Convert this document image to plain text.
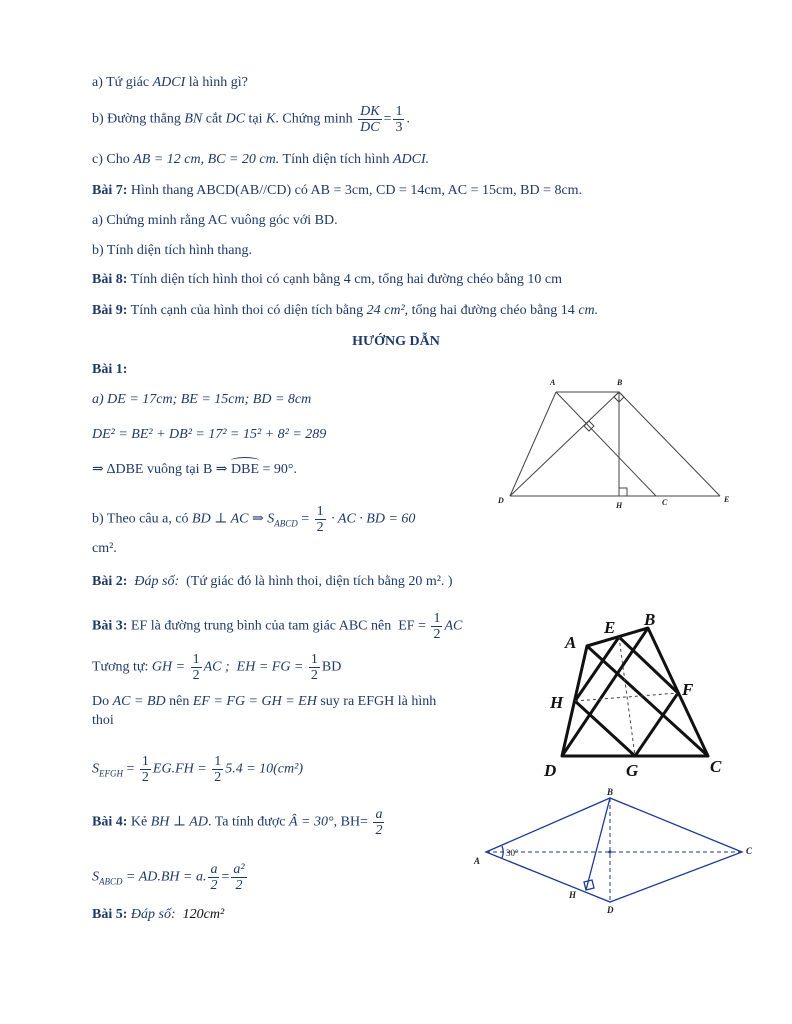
a) Tứ giác ADCI là hình gì?
b) Đường thẳng BN cắt DC tại K. Chứng minh $\frac{DK}{DC} = \frac{1}{3}$ .
c) Cho AB = 12 cm, BC = 20 cm. Tính diện tích hình ADCI.
Bài 7: Hình thang ABCD(AB//CD) có AB = 3cm, CD = 14cm, AC = 15cm, BD = 8cm.
a) Chứng minh rằng AC vuông góc với BD.
b) Tính diện tích hình thang.
Bài 8: Tính diện tích hình thoi có cạnh bằng 4 cm, tổng hai đường chéo bằng 10 cm
Bài 9: Tính cạnh của hình thoi có diện tích bằng 24 cm², tổng hai đường chéo bằng 14 cm.
HƯỚNG DẪN
Bài 1:
a) DE = 17cm; BE = 15cm; BD = 8cm
DE² = BE² + DB² = 17² = 15² + 8² = 289
⇒ ΔDBE vuông tại B ⇒ DBE = 90°.
b) Theo câu a, có BD ⊥ AC ⇒ $S_{ABCD} = \frac{1}{2}$ · AC · BD = 60
cm².
A	B
D
H	C	E
Bài 2: Đáp số: (Tứ giác đó là hình thoi, diện tích bằng 20 m². )
Bài 3: EF là đường trung bình của tam giác ABC nên EF = $\frac{1}{2}$ AC
Tương tự: GH = $\frac{1}{2}$ AC ; EH = FG = $\frac{1}{2}$ BD
Do AC = BD nên EF = FG = GH = EH suy ra EFGH là hình
thoi
$S_{EFGH} = \frac{1}{2} EG.FH = \frac{1}{2} 5.4 = 10(cm^2)$
A
B
E
F
H
D	G	C
Bài 4: Kẻ BH ⊥ AD. Ta tính được Â = 30°, $BH= \frac{a}{2}$
$S_{ABCD} = AD.BH = a$. $\frac{a}{2} = \frac{\text{a²}}{2}$
A
B
C
D
H
30°
Bài 5: Đáp số: 120cm²
